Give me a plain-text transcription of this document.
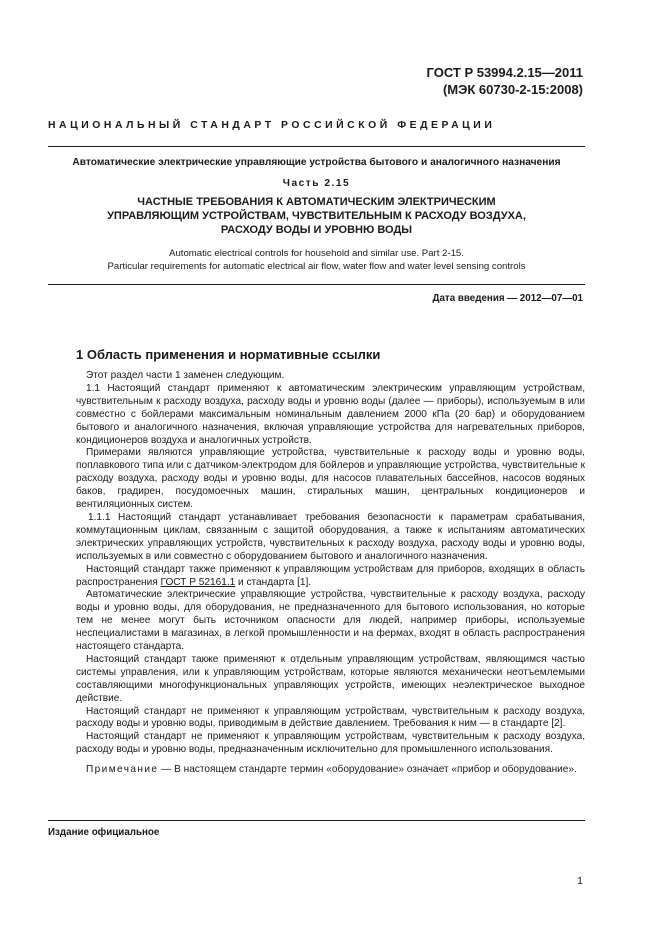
ГОСТ Р 53994.2.15—2011
(МЭК 60730-2-15:2008)
НАЦИОНАЛЬНЫЙ СТАНДАРТ РОССИЙСКОЙ ФЕДЕРАЦИИ
Автоматические электрические управляющие устройства бытового и аналогичного назначения
Часть 2.15
ЧАСТНЫЕ ТРЕБОВАНИЯ К АВТОМАТИЧЕСКИМ ЭЛЕКТРИЧЕСКИМ
УПРАВЛЯЮЩИМ УСТРОЙСТВАМ, ЧУВСТВИТЕЛЬНЫМ К РАСХОДУ ВОЗДУХА,
РАСХОДУ ВОДЫ И УРОВНЮ ВОДЫ
Automatic electrical controls for household and similar use. Part 2-15.
Particular requirements for automatic electrical air flow, water flow and water level sensing controls
Дата введения — 2012—07—01
1 Область применения и нормативные ссылки

Этот раздел части 1 заменен следующим.

1.1 Настоящий стандарт применяют к автоматическим электрическим управляющим устройствам, чувствительным к расходу воздуха, расходу воды и уровню воды (далее — приборы), используемым в или совместно с бойлерами максимальным номинальным давлением 2000 кПа (20 бар) и оборудованием бытового и аналогичного назначения, включая управляющие устройства для нагревательных приборов, кондиционеров воздуха и аналогичных устройств.

Примерами являются управляющие устройства, чувствительные к расходу воды и уровню воды, поплавкового типа или с датчиком-электродом для бойлеров и управляющие устройства, чувствительные к расходу воздуха, расходу воды и уровню воды, для насосов плавательных бассейнов, насосов водяных баков, градирен, посудомоечных машин, стиральных машин, центральных кондиционеров и вентиляционных систем.

1.1.1 Настоящий стандарт устанавливает требования безопасности к параметрам срабатывания, коммутационным циклам, связанным с защитой оборудования, а также к испытаниям автоматических электрических управляющих устройств, чувствительных к расходу воздуха, расходу воды и уровню воды, используемых в или совместно с оборудованием бытового и аналогичного назначения.

Настоящий стандарт также применяют к управляющим устройствам для приборов, входящих в область распространения ГОСТ Р 52161.1 и стандарта [1].

Автоматические электрические управляющие устройства, чувствительные к расходу воздуха, расходу воды и уровню воды, для оборудования, не предназначенного для бытового использования, но которые тем не менее могут быть источником опасности для людей, например приборы, используемые неспециалистами в магазинах, в легкой промышленности и на фермах, входят в область распространения настоящего стандарта.

Настоящий стандарт также применяют к отдельным управляющим устройствам, являющимся частью системы управления, или к управляющим устройствам, которые являются механически неотъемлемыми составляющими многофункциональных управляющих устройств, имеющих неэлектрическое выходное действие.

Настоящий стандарт не применяют к управляющим устройствам, чувствительным к расходу воздуха, расходу воды и уровню воды, приводимым в действие давлением. Требования к ним — в стандарте [2].

Настоящий стандарт не применяют к управляющим устройствам, чувствительным к расходу воздуха, расходу воды и уровню воды, предназначенным исключительно для промышленного использования.

Примечание — В настоящем стандарте термин «оборудование» означает «прибор и оборудование».

Издание официальное
1
